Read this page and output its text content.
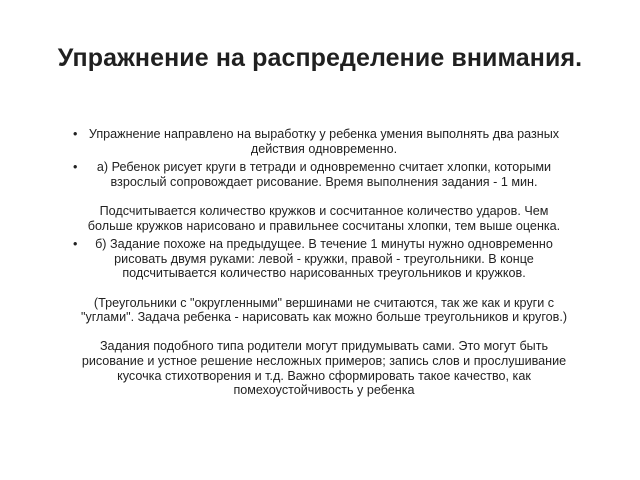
Упражнение на распределение внимания.
• Упражнение направлено на выработку у ребенка умения выполнять два разных
действия одновременно.
•	а) Ребенок рисует круги в тетради и одновременно считает хлопки, которыми
взрослый сопровождает рисование. Время выполнения задания - 1 мин.
Подсчитывается количество кружков и сосчитанное количество ударов. Чем
больше кружков нарисовано и правильнее сосчитаны хлопки, тем выше оценка.
•	б) Задание похоже на предыдущее. В течение 1 минуты нужно одновременно
рисовать двумя руками: левой - кружки, правой - треугольники. В конце
подсчитывается количество нарисованных треугольников и кружков.
(Треугольники с "округленными" вершинами не считаются, так же как и круги с
"углами". Задача ребенка - нарисовать как можно больше треугольников и кругов.)
Задания подобного типа родители могут придумывать сами. Это могут быть
рисование и устное решение несложных примеров; запись слов и прослушивание
кусочка стихотворения и т.д. Важно сформировать такое качество, как
помехоустойчивость у ребенка
